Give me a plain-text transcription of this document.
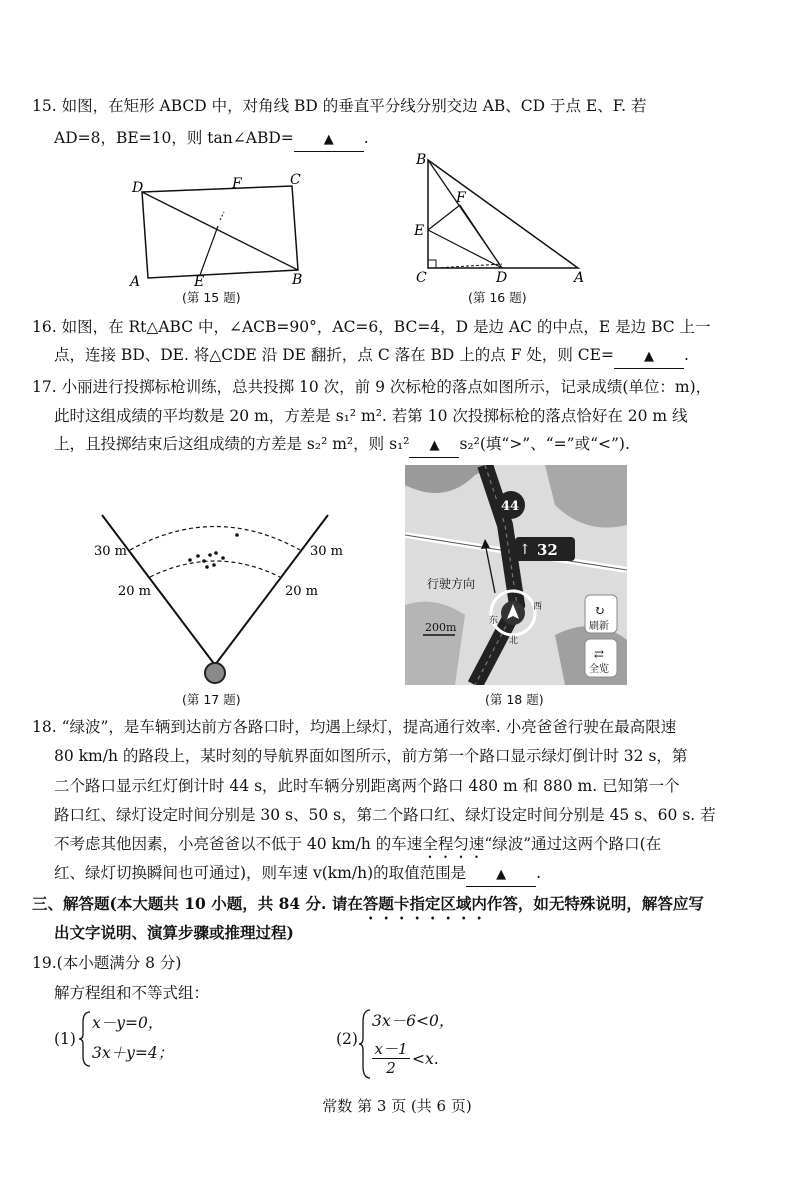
15. 如图，在矩形 ABCD 中，对角线 BD 的垂直平分线分别交边 AB、CD 于点 E、F. 若
AD=8，BE=10，则 tan∠ABD= ▲ .
D	F	C
A	E	B
(第 15 题)
B
F
E
C	D	A
(第 16 题)
16. 如图，在 Rt△ABC 中，∠ACB=90°，AC=6，BC=4，D 是边 AC 的中点，E 是边 BC 上一
点，连接 BD、DE. 将△CDE 沿 DE 翻折，点 C 落在 BD 上的点 F 处，则 CE= ▲ .
17. 小丽进行投掷标枪训练，总共投掷 10 次，前 9 次标枪的落点如图所示，记录成绩(单位：m)，
此时这组成绩的平均数是 20 m，方差是 s₁² m². 若第 10 次投掷标枪的落点恰好在 20 m 线
上，且投掷结束后这组成绩的方差是 s₂² m²，则 s₁² ▲ s₂²(填“>”、“=”或“<”).
30 m	30 m
20 m	20 m
(第 17 题)
44
↑ 32
行驶方向
东
西
北
200m
↻
刷新
⇄
全览
(第 18 题)
18. “绿波”，是车辆到达前方各路口时，均遇上绿灯，提高通行效率. 小亮爸爸行驶在最高限速
80 km/h 的路段上，某时刻的导航界面如图所示，前方第一个路口显示绿灯倒计时 32 s，第
二个路口显示红灯倒计时 44 s，此时车辆分别距离两个路口 480 m 和 880 m. 已知第一个
路口红、绿灯设定时间分别是 30 s、50 s，第二个路口红、绿灯设定时间分别是 45 s、60 s. 若
不考虑其他因素，小亮爸爸以不低于 40 km/h 的车速全程匀速“绿波”通过这两个路口(在
红、绿灯切换瞬间也可通过)，则车速 v(km/h)的取值范围是 ▲ .
三、解答题(本大题共 10 小题，共 84 分. 请在答题卡指定区域内作答，如无特殊说明，解答应写
出文字说明、演算步骤或推理过程)
19.(本小题满分 8 分)
解方程组和不等式组：
(1)
x－y=0，
3x＋y=4；
(2)
3x－6<0，
$\frac{x-1}{2} <x$.
常数 第 3 页 (共 6 页)
